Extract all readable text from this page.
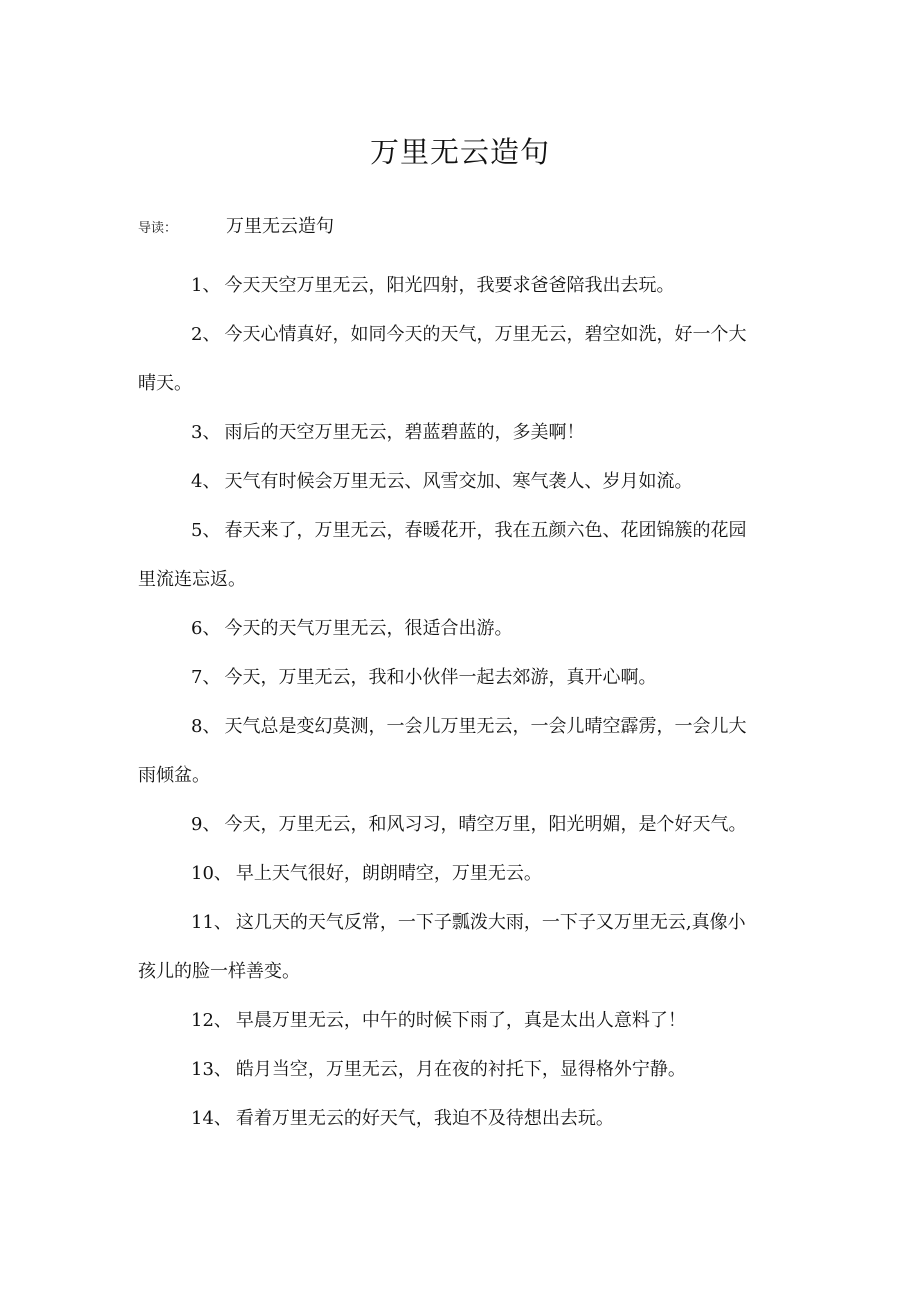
万里无云造句
导读：	万里无云造句
1、 今天天空万里无云，阳光四射，我要求爸爸陪我出去玩。
2、 今天心情真好，如同今天的天气，万里无云，碧空如洗，好一个大晴天。
3、 雨后的天空万里无云，碧蓝碧蓝的，多美啊！
4、 天气有时候会万里无云、风雪交加、寒气袭人、岁月如流。
5、 春天来了，万里无云，春暖花开，我在五颜六色、花团锦簇的花园里流连忘返。
6、 今天的天气万里无云，很适合出游。
7、 今天，万里无云，我和小伙伴一起去郊游，真开心啊。
8、 天气总是变幻莫测，一会儿万里无云，一会儿晴空霹雳，一会儿大雨倾盆。
9、 今天，万里无云，和风习习，晴空万里，阳光明媚，是个好天气。
10、 早上天气很好，朗朗晴空，万里无云。
11、 这几天的天气反常，一下子瓢泼大雨，一下子又万里无云,真像小孩儿的脸一样善变。
12、 早晨万里无云，中午的时候下雨了，真是太出人意料了！
13、 皓月当空，万里无云，月在夜的衬托下，显得格外宁静。
14、 看着万里无云的好天气，我迫不及待想出去玩。
